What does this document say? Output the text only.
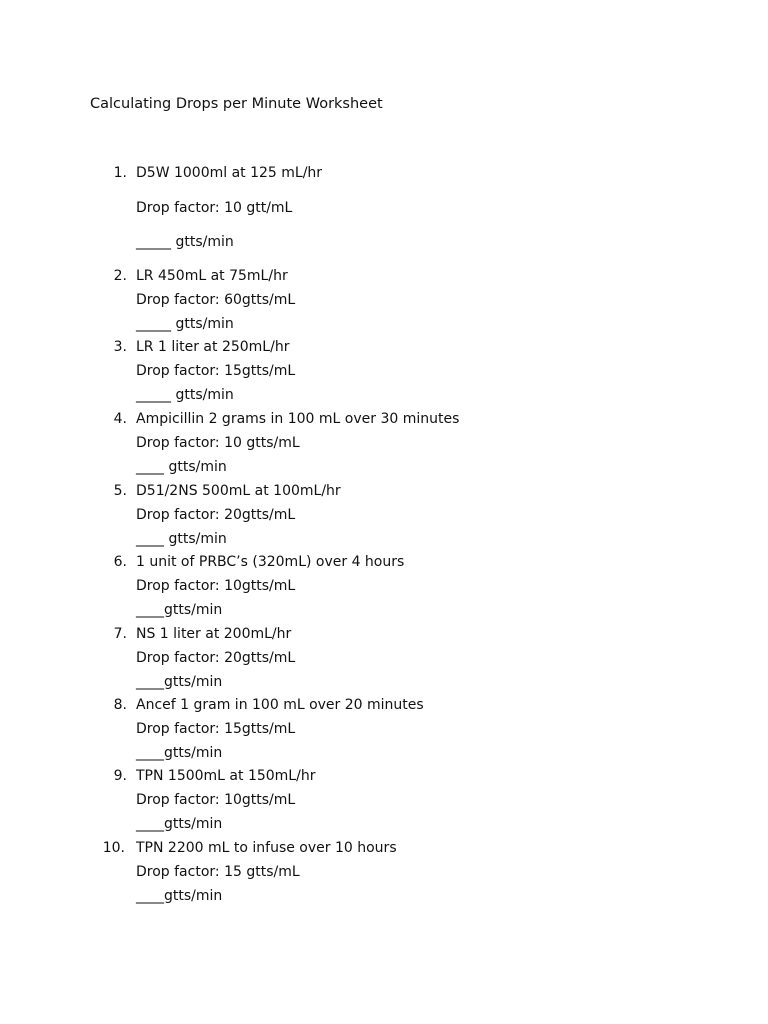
Calculating Drops per Minute Worksheet
1. D5W 1000ml at 125 mL/hr
Drop factor: 10 gtt/mL
_____ gtts/min
2. LR 450mL at 75mL/hr
Drop factor: 60gtts/mL
_____ gtts/min
3. LR 1 liter at 250mL/hr
Drop factor: 15gtts/mL
_____ gtts/min
4. Ampicillin 2 grams in 100 mL over 30 minutes
Drop factor: 10 gtts/mL
____ gtts/min
5. D51/2NS 500mL at 100mL/hr
Drop factor: 20gtts/mL
____ gtts/min
6. 1 unit of PRBC’s (320mL) over 4 hours
Drop factor: 10gtts/mL
____gtts/min
7. NS 1 liter at 200mL/hr
Drop factor: 20gtts/mL
____gtts/min
8. Ancef 1 gram in 100 mL over 20 minutes
Drop factor: 15gtts/mL
____gtts/min
9. TPN 1500mL at 150mL/hr
Drop factor: 10gtts/mL
____gtts/min
10. TPN 2200 mL to infuse over 10 hours
Drop factor: 15 gtts/mL
____gtts/min
